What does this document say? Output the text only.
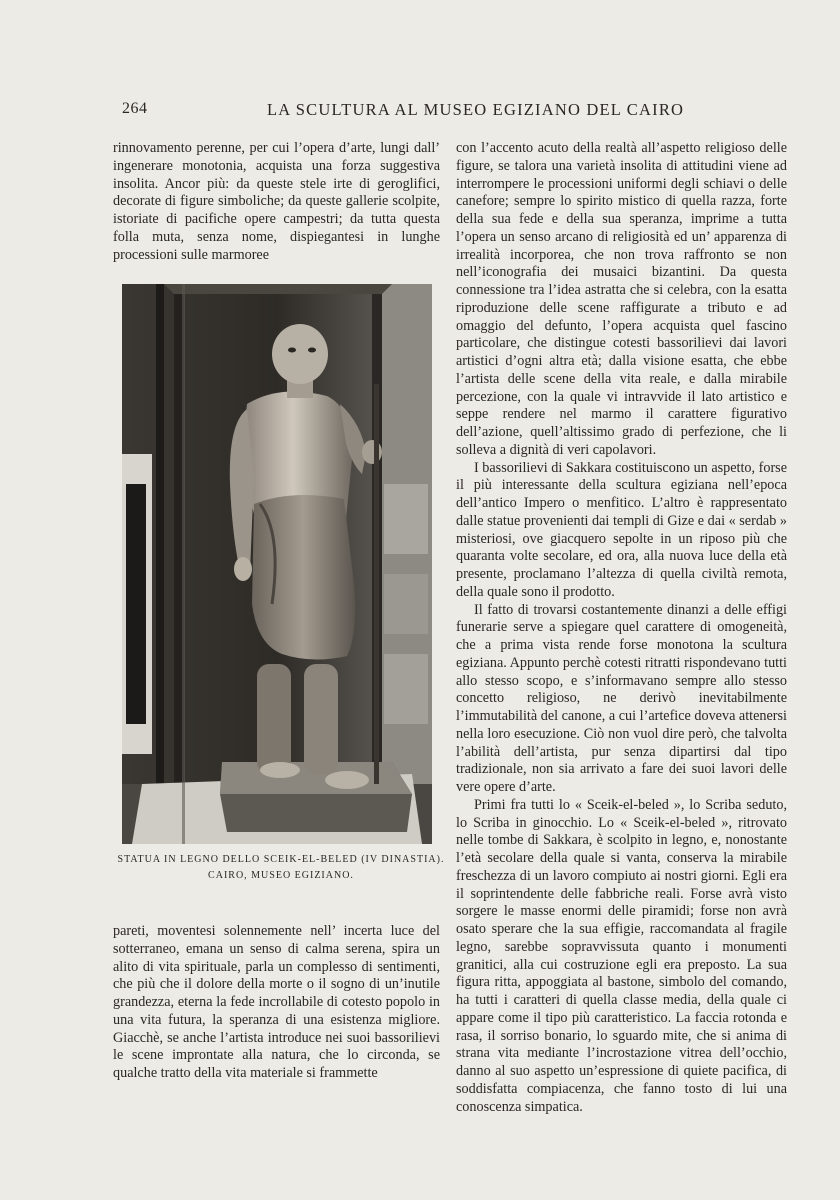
264	LA SCULTURA AL MUSEO EGIZIANO DEL CAIRO

rinnovamento perenne, per cui l’opera d’arte, lungi dall’ ingenerare monotonia, acquista una forza suggestiva insolita. Ancor più: da queste stele irte di geroglifici, decorate di figure simboliche; da queste gallerie scolpite, istoriate di pacifiche opere campestri; da tutta questa folla muta, senza nome, dispiegantesi in lunghe processioni sulle marmoree

STATUA IN LEGNO DELLO SCEIK-EL-BELED (IV DINASTIA).
CAIRO, MUSEO EGIZIANO.

pareti, moventesi solennemente nell’ incerta luce del sotterraneo, emana un senso di calma serena, spira un alito di vita spirituale, parla un complesso di sentimenti, che più che il dolore della morte o il sogno di un’inutile grandezza, eterna la fede incrollabile di cotesto popolo in una vita futura, la speranza di una esistenza migliore. Giacchè, se anche l’artista introduce nei suoi bassorilievi le scene improntate alla natura, che lo circonda, se qualche tratto della vita materiale si frammette

con l’accento acuto della realtà all’aspetto religioso delle figure, se talora una varietà insolita di attitudini viene ad interrompere le processioni uniformi degli schiavi o delle canefore; sempre lo spirito mistico di quella razza, forte della sua fede e della sua speranza, imprime a tutta l’opera un senso arcano di religiosità ed un’ apparenza di irrealità incorporea, che non trova raffronto se non nell’iconografia dei musaici bizantini. Da questa connessione tra l’idea astratta che si celebra, con la esatta riproduzione delle scene raffigurate a tributo e ad omaggio del defunto, l’opera acquista quel fascino particolare, che distingue cotesti bassorilievi dai lavori artistici d’ogni altra età; dalla visione esatta, che ebbe l’artista delle scene della vita reale, e dalla mirabile percezione, con la quale vi intravvide il lato artistico e seppe rendere nel marmo il carattere figurativo dell’azione, quell’altissimo grado di perfezione, che li solleva a dignità di veri capolavori.

I bassorilievi di Sakkara costituiscono un aspetto, forse il più interessante della scultura egiziana nell’epoca dell’antico Impero o menfitico. L’altro è rappresentato dalle statue provenienti dai templi di Gize e dai « serdab » misteriosi, ove giacquero sepolte in un riposo più che quaranta volte secolare, ed ora, alla nuova luce della età presente, proclamano l’altezza di quella civiltà remota, della quale sono il prodotto.

Il fatto di trovarsi costantemente dinanzi a delle effigi funerarie serve a spiegare quel carattere di omogeneità, che a prima vista rende forse monotona la scultura egiziana. Appunto perchè cotesti ritratti rispondevano tutti allo stesso scopo, e s’informavano sempre allo stesso concetto religioso, ne derivò inevitabilmente l’immutabilità del canone, a cui l’artefice doveva attenersi nella loro esecuzione. Ciò non vuol dire però, che talvolta l’abilità dell’artista, pur senza dipartirsi dal tipo tradizionale, non sia arrivato a fare dei suoi lavori delle vere opere d’arte.

Primi fra tutti lo « Sceik-el-beled », lo Scriba seduto, lo Scriba in ginocchio. Lo « Sceik-el-beled », ritrovato nelle tombe di Sakkara, è scolpito in legno, e, nonostante l’età secolare della quale si vanta, conserva la mirabile freschezza di un lavoro compiuto ai nostri giorni. Egli era il soprintendente delle fabbriche reali. Forse avrà visto sorgere le masse enormi delle piramidi; forse non avrà osato sperare che la sua effigie, raccomandata al fragile legno, sarebbe sopravvissuta quanto i monumenti granitici, alla cui costruzione egli era preposto. La sua figura ritta, appoggiata al bastone, simbolo del comando, ha tutti i caratteri di quella classe media, della quale ci appare come il tipo più caratteristico. La faccia rotonda e rasa, il sorriso bonario, lo sguardo mite, che si anima di strana vita mediante l’incrostazione vitrea dell’occhio, danno al suo aspetto un’espressione di quiete pacifica, di soddisfatta compiacenza, che fanno tosto di lui una conoscenza simpatica.
